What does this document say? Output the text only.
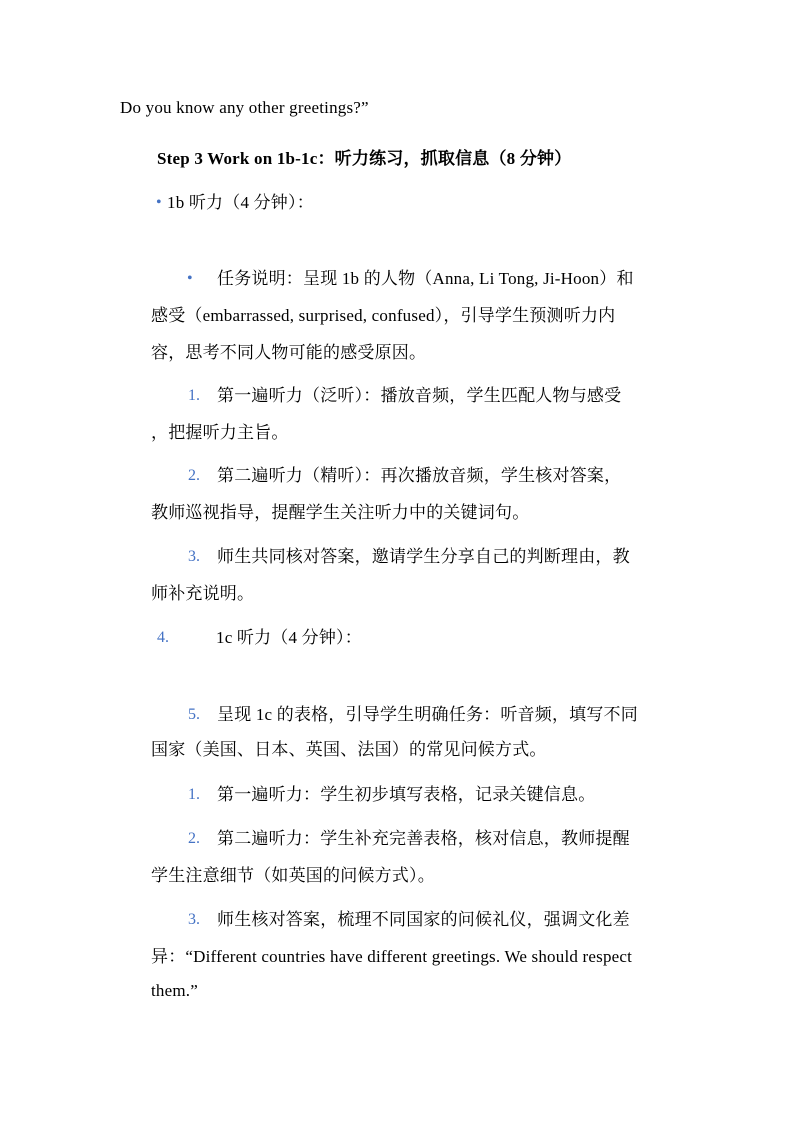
Do you know any other greetings?”
Step 3 Work on 1b-1c：听力练习，抓取信息（8 分钟）
• 1b 听力（4 分钟）：
• 任务说明：呈现 1b 的人物（Anna, Li Tong, Ji-Hoon）和
感受（embarrassed, surprised, confused），引导学生预测听力内
容，思考不同人物可能的感受原因。
1. 第一遍听力（泛听）：播放音频，学生匹配人物与感受
，把握听力主旨。
2. 第二遍听力（精听）：再次播放音频，学生核对答案，
教师巡视指导，提醒学生关注听力中的关键词句。
3. 师生共同核对答案，邀请学生分享自己的判断理由，教
师补充说明。
4.	1c 听力（4 分钟）：
5. 呈现 1c 的表格，引导学生明确任务：听音频，填写不同
国家（美国、日本、英国、法国）的常见问候方式。
1. 第一遍听力：学生初步填写表格，记录关键信息。
2. 第二遍听力：学生补充完善表格，核对信息，教师提醒
学生注意细节（如英国的问候方式）。
3. 师生核对答案，梳理不同国家的问候礼仪，强调文化差
异：“Different countries have different greetings. We should respect
them.”
